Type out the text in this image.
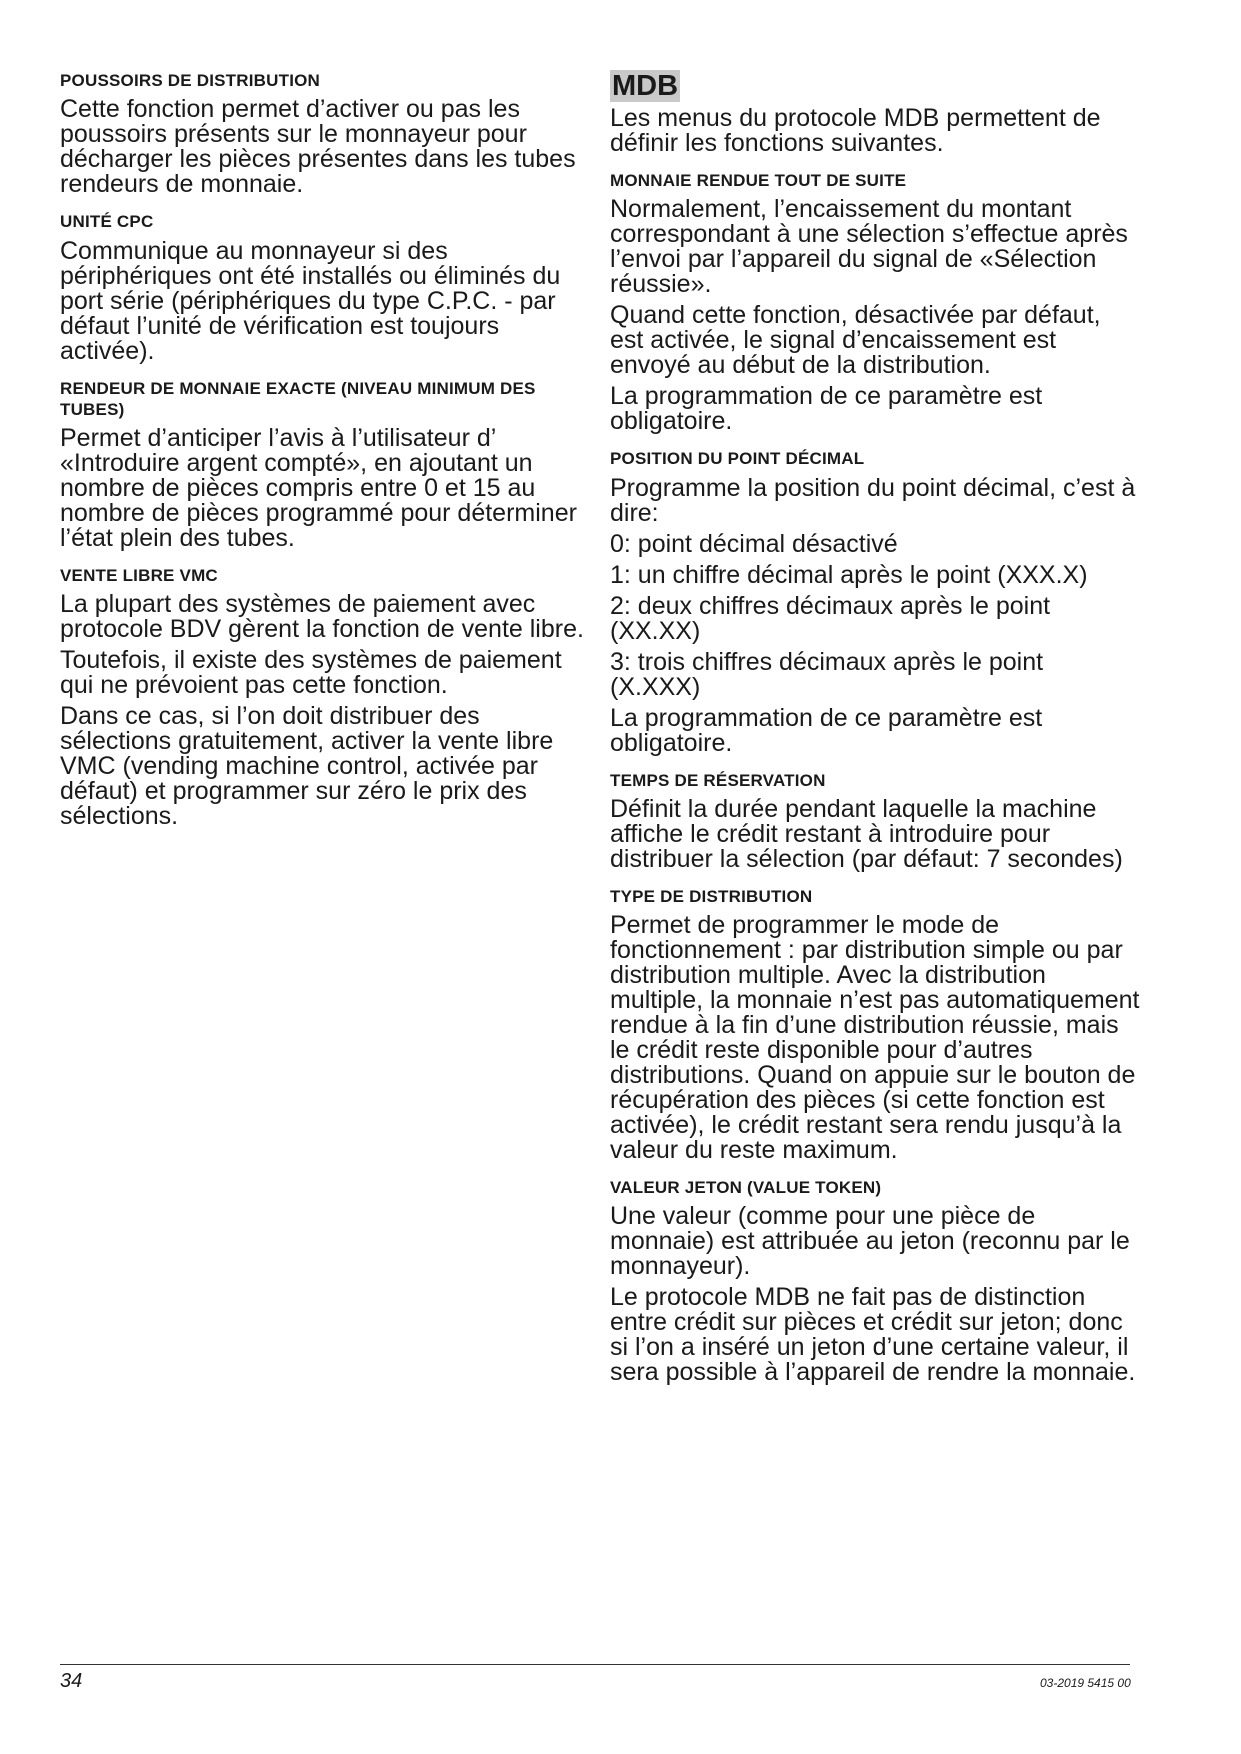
POUSSOIRS DE DISTRIBUTION

Cette fonction permet d’activer ou pas les poussoirs présents sur le monnayeur pour décharger les pièces présentes dans les tubes rendeurs de monnaie.

UNITÉ CPC

Communique au monnayeur si des périphériques ont été installés ou éliminés du port série (périphériques du type C.P.C. - par défaut l’unité de vérification est toujours activée).

RENDEUR DE MONNAIE EXACTE (NIVEAU MINIMUM DES TUBES)

Permet d’anticiper l’avis à l’utilisateur d’ «Introduire argent compté», en ajoutant un nombre de pièces compris entre 0 et 15 au nombre de pièces programmé pour déterminer l’état plein des tubes.

VENTE LIBRE VMC

La plupart des systèmes de paiement avec protocole BDV gèrent la fonction de vente libre.

Toutefois, il existe des systèmes de paiement qui ne prévoient pas cette fonction.

Dans ce cas, si l’on doit distribuer des sélections gratuitement, activer la vente libre VMC (vending machine control, activée par défaut) et programmer sur zéro le prix des sélections.

MDB

Les menus du protocole MDB permettent de définir les fonctions suivantes.

MONNAIE RENDUE TOUT DE SUITE

Normalement, l’encaissement du montant correspondant à une sélection s’effectue après l’envoi par l’appareil du signal de «Sélection réussie».

Quand cette fonction, désactivée par défaut, est activée, le signal d’encaissement est envoyé au début de la distribution.

La programmation de ce paramètre est obligatoire.

POSITION DU POINT DÉCIMAL

Programme la position du point décimal, c’est à dire:

0: point décimal désactivé

1: un chiffre décimal après le point (XXX.X)

2: deux chiffres décimaux après le point (XX.XX)

3: trois chiffres décimaux après le point (X.XXX)

La programmation de ce paramètre est obligatoire.

TEMPS DE RÉSERVATION

Définit la durée pendant laquelle la machine affiche le crédit restant à introduire pour distribuer la sélection (par défaut: 7 secondes)

TYPE DE DISTRIBUTION

Permet de programmer le mode de fonctionnement : par distribution simple ou par distribution multiple. Avec la distribution multiple, la monnaie n’est pas automatiquement rendue à la fin d’une distribution réussie, mais le crédit reste disponible pour d’autres distributions. Quand on appuie sur le bouton de récupération des pièces (si cette fonction est activée), le crédit restant sera rendu jusqu’à la valeur du reste maximum.

VALEUR JETON (VALUE TOKEN)

Une valeur (comme pour une pièce de monnaie) est attribuée au jeton (reconnu par le monnayeur).

Le protocole MDB ne fait pas de distinction entre crédit sur pièces et crédit sur jeton; donc si l’on a inséré un jeton d’une certaine valeur, il sera possible à l’appareil de rendre la monnaie.

34	03-2019 5415 00
